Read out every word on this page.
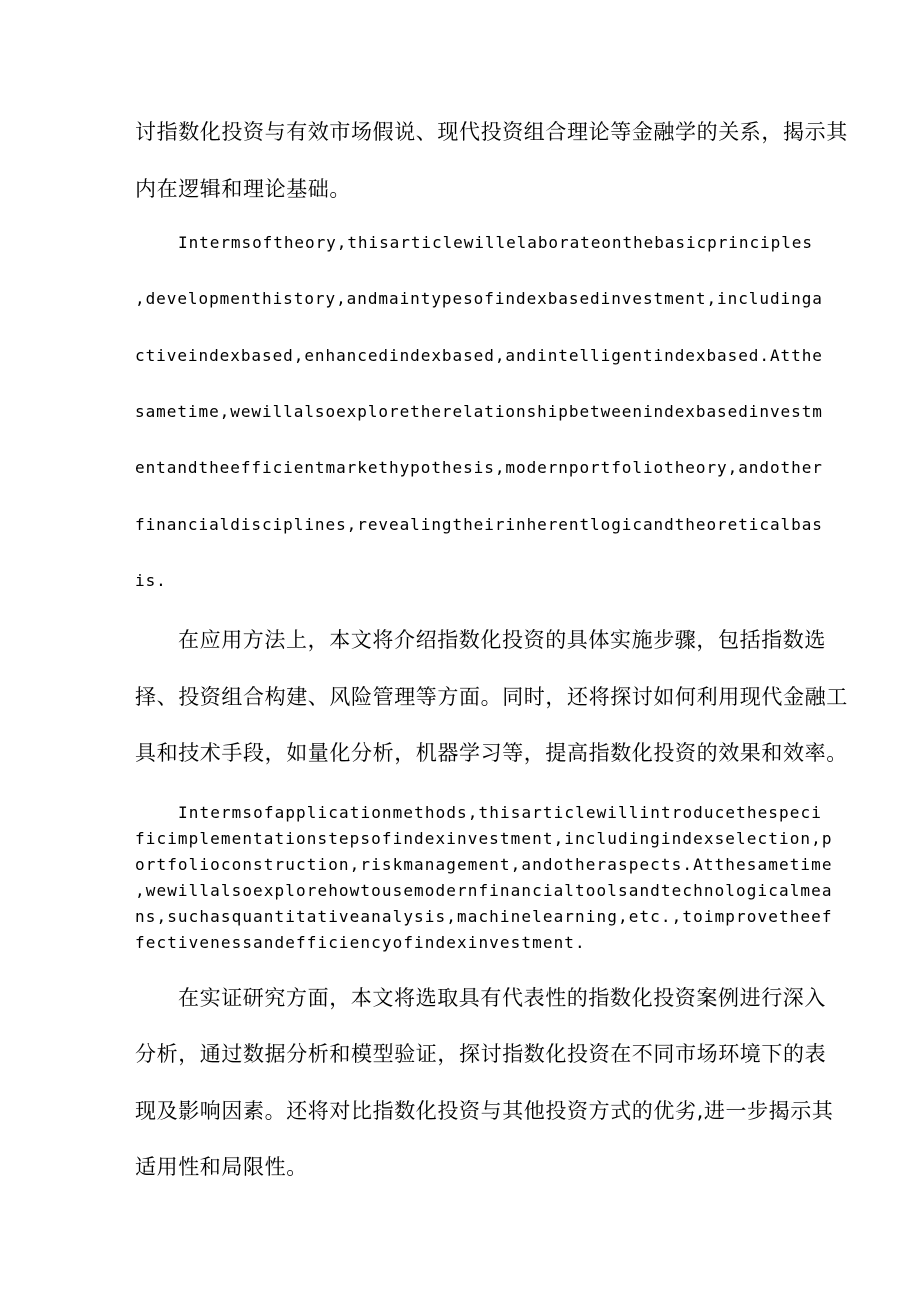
讨指数化投资与有效市场假说、现代投资组合理论等金融学的关系，揭示其
内在逻辑和理论基础。
Intermsoftheory,thisarticlewillelaborateonthebasicprinciples
,developmenthistory,andmaintypesofindexbasedinvestment,includinga
ctiveindexbased,enhancedindexbased,andintelligentindexbased.Atthe
sametime,wewillalsoexploretherelationshipbetweenindexbasedinvestm
entandtheefficientmarkethypothesis,modernportfoliotheory,andother
financialdisciplines,revealingtheirinherentlogicandtheoreticalbas
is.
在应用方法上，本文将介绍指数化投资的具体实施步骤，包括指数选
择、投资组合构建、风险管理等方面。同时，还将探讨如何利用现代金融工
具和技术手段，如量化分析，机器学习等，提高指数化投资的效果和效率。
Intermsofapplicationmethods,thisarticlewillintroducethespeci
ficimplementationstepsofindexinvestment,includingindexselection,p
ortfolioconstruction,riskmanagement,andotheraspects.Atthesametime
,wewillalsoexplorehowtousemodernfinancialtoolsandtechnologicalmea
ns,suchasquantitativeanalysis,machinelearning,etc.,toimprovetheef
fectivenessandefficiencyofindexinvestment.
在实证研究方面，本文将选取具有代表性的指数化投资案例进行深入
分析，通过数据分析和模型验证，探讨指数化投资在不同市场环境下的表
现及影响因素。还将对比指数化投资与其他投资方式的优劣,进一步揭示其
适用性和局限性。
